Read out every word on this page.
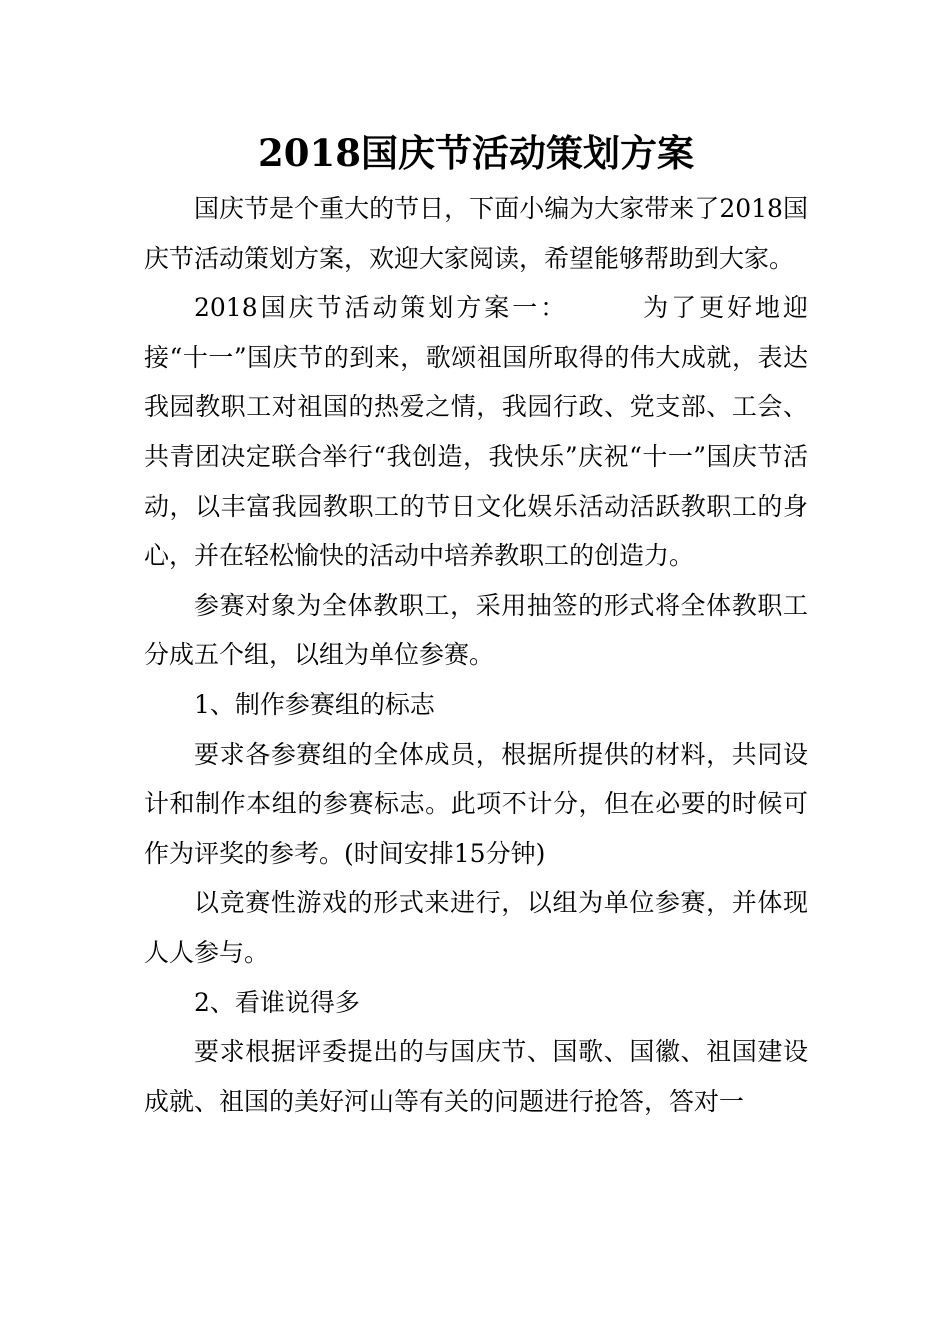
2018国庆节活动策划方案

国庆节是个重大的节日，下面小编为大家带来了2018国庆节活动策划方案，欢迎大家阅读，希望能够帮助到大家。

2018国庆节活动策划方案一：	为了更好地迎接“十一”国庆节的到来，歌颂祖国所取得的伟大成就，表达我园教职工对祖国的热爱之情，我园行政、党支部、工会、共青团决定联合举行“我创造，我快乐”庆祝“十一”国庆节活动，以丰富我园教职工的节日文化娱乐活动活跃教职工的身心，并在轻松愉快的活动中培养教职工的创造力。

参赛对象为全体教职工，采用抽签的形式将全体教职工分成五个组，以组为单位参赛。

1、制作参赛组的标志

要求各参赛组的全体成员，根据所提供的材料，共同设计和制作本组的参赛标志。此项不计分，但在必要的时候可作为评奖的参考。(时间安排15分钟)

以竞赛性游戏的形式来进行，以组为单位参赛，并体现人人参与。

2、看谁说得多

要求根据评委提出的与国庆节、国歌、国徽、祖国建设成就、祖国的美好河山等有关的问题进行抢答，答对一
